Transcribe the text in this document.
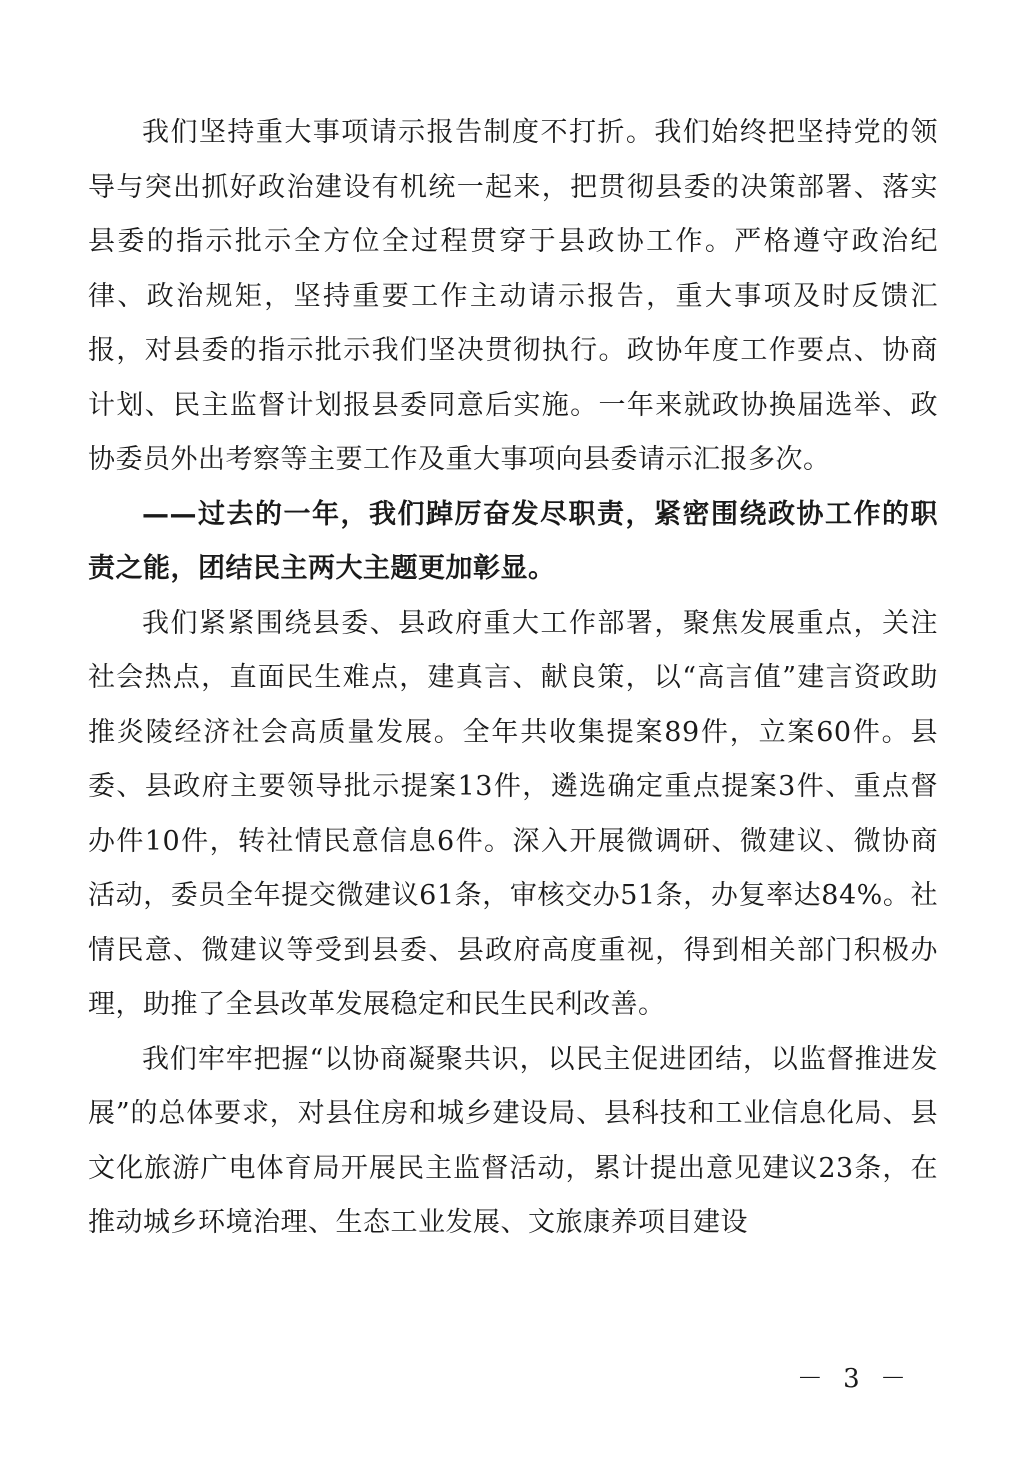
我们坚持重大事项请示报告制度不打折。我们始终把坚持党的领导与突出抓好政治建设有机统一起来，把贯彻县委的决策部署、落实县委的指示批示全方位全过程贯穿于县政协工作。严格遵守政治纪律、政治规矩，坚持重要工作主动请示报告，重大事项及时反馈汇报，对县委的指示批示我们坚决贯彻执行。政协年度工作要点、协商计划、民主监督计划报县委同意后实施。一年来就政协换届选举、政协委员外出考察等主要工作及重大事项向县委请示汇报多次。

——过去的一年，我们踔厉奋发尽职责，紧密围绕政协工作的职责之能，团结民主两大主题更加彰显。

我们紧紧围绕县委、县政府重大工作部署，聚焦发展重点，关注社会热点，直面民生难点，建真言、献良策，以“高言值”建言资政助推炎陵经济社会高质量发展。全年共收集提案89件，立案60件。县委、县政府主要领导批示提案13件，遴选确定重点提案3件、重点督办件10件，转社情民意信息6件。深入开展微调研、微建议、微协商活动，委员全年提交微建议61条，审核交办51条，办复率达84%。社情民意、微建议等受到县委、县政府高度重视，得到相关部门积极办理，助推了全县改革发展稳定和民生民利改善。

我们牢牢把握“以协商凝聚共识，以民主促进团结，以监督推进发展”的总体要求，对县住房和城乡建设局、县科技和工业信息化局、县文化旅游广电体育局开展民主监督活动，累计提出意见建议23条，在推动城乡环境治理、生态工业发展、文旅康养项目建设

－ 3 －
